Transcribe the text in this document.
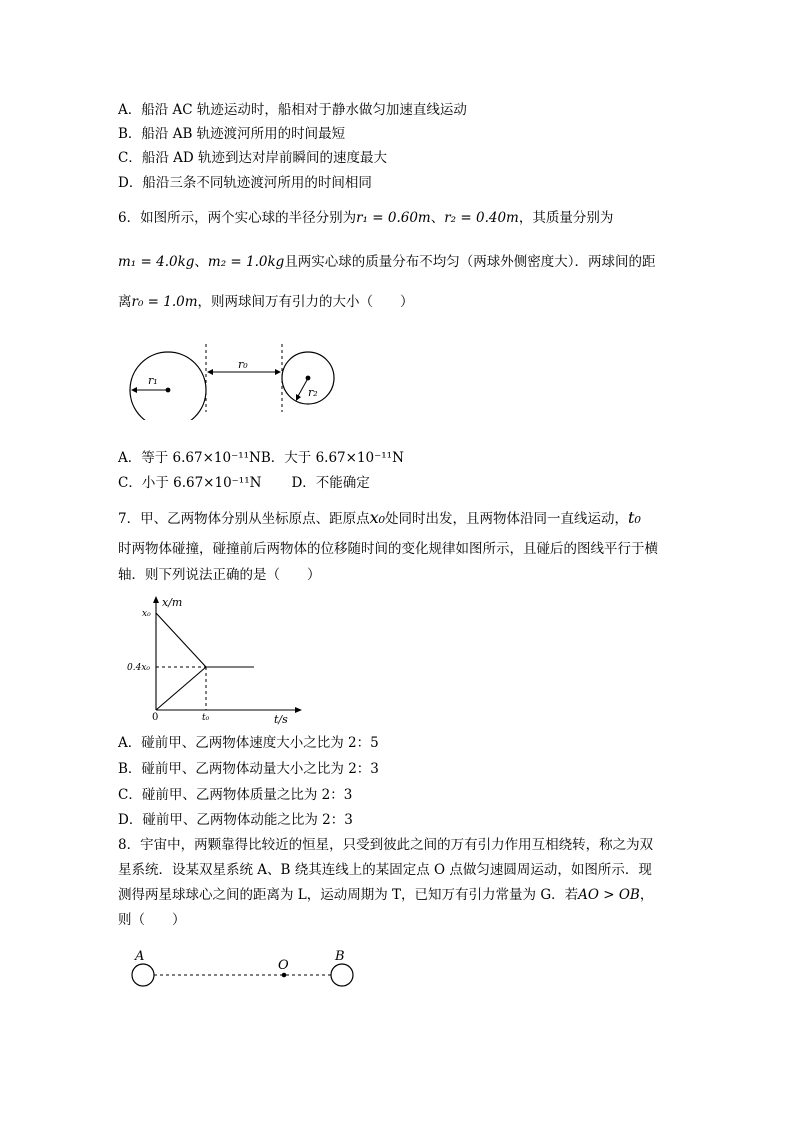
A．船沿 AC 轨迹运动时，船相对于静水做匀加速直线运动
B．船沿 AB 轨迹渡河所用的时间最短
C．船沿 AD 轨迹到达对岸前瞬间的速度最大
D．船沿三条不同轨迹渡河所用的时间相同
6．如图所示，两个实心球的半径分别为r₁ = 0.60m、r₂ = 0.40m，其质量分别为
m₁ = 4.0kg、m₂ = 1.0kg且两实心球的质量分布不均匀（两球外侧密度大）．两球间的距
离r₀ = 1.0m，则两球间万有引力的大小（　　）
r₁
r₀
r₂
A．等于 6.67×10⁻¹¹NB．大于 6.67×10⁻¹¹N
C．小于 6.67×10⁻¹¹N D．不能确定
7．甲、乙两物体分别从坐标原点、距原点x₀处同时出发，且两物体沿同一直线运动，t₀
时两物体碰撞，碰撞前后两物体的位移随时间的变化规律如图所示，且碰后的图线平行于横
轴．则下列说法正确的是（　　）
x/m
t/s
x₀
0.4x₀
0	t₀
A．碰前甲、乙两物体速度大小之比为 2：5
B．碰前甲、乙两物体动量大小之比为 2：3
C．碰前甲、乙两物体质量之比为 2：3
D．碰前甲、乙两物体动能之比为 2：3
8．宇宙中，两颗靠得比较近的恒星，只受到彼此之间的万有引力作用互相绕转，称之为双
星系统．设某双星系统 A、B 绕其连线上的某固定点 O 点做匀速圆周运动，如图所示．现
测得两星球球心之间的距离为 L，运动周期为 T，已知万有引力常量为 G．若AO > OB，
则（　　）
A
O
B
